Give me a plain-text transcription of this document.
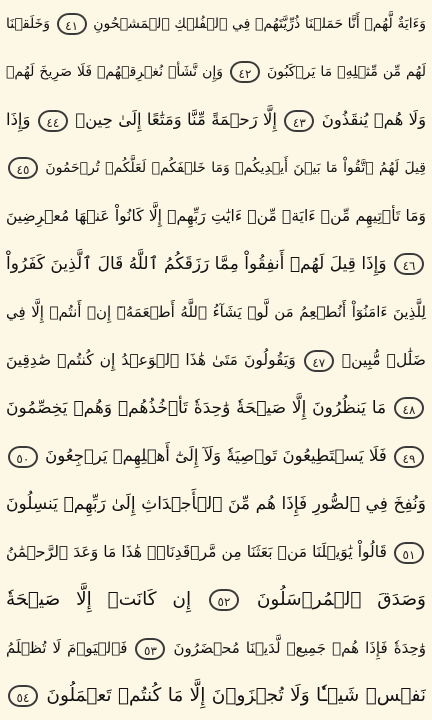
وَءَايَةٌ لَّهُمۡ أَنَّا حَمَلۡنَا ذُرِّيَّتَهُمۡ فِي ٱلۡفُلۡكِ ٱلۡمَشۡحُونِ ٤١ وَخَلَقۡنَا
لَهُم مِّن مِّثۡلِهِۦ مَا يَرۡكَبُونَ ٤٢ وَإِن نَّشَأۡ نُغۡرِقۡهُمۡ فَلَا صَرِيخَ لَهُمۡ
وَلَا هُمۡ يُنقَذُونَ ٤٣ إِلَّا رَحۡمَةً مِّنَّا وَمَتَٰعًا إِلَىٰ حِينٖ ٤٤ وَإِذَا
قِيلَ لَهُمُ ٱتَّقُواْ مَا بَيۡنَ أَيۡدِيكُمۡ وَمَا خَلۡفَكُمۡ لَعَلَّكُمۡ تُرۡحَمُونَ ٤٥
وَمَا تَأۡتِيهِم مِّنۡ ءَايَةٖ مِّنۡ ءَايَٰتِ رَبِّهِمۡ إِلَّا كَانُواْ عَنۡهَا مُعۡرِضِينَ
٤٦ وَإِذَا قِيلَ لَهُمۡ أَنفِقُواْ مِمَّا رَزَقَكُمُ ٱللَّهُ قَالَ ٱلَّذِينَ كَفَرُواْ
لِلَّذِينَ ءَامَنُوٓاْ أَنُطۡعِمُ مَن لَّوۡ يَشَآءُ ٱللَّهُ أَطۡعَمَهُۥٓ إِنۡ أَنتُمۡ إِلَّا فِي
ضَلَٰلٖ مُّبِينٖ ٤٧ وَيَقُولُونَ مَتَىٰ هَٰذَا ٱلۡوَعۡدُ إِن كُنتُمۡ صَٰدِقِينَ
٤٨ مَا يَنظُرُونَ إِلَّا صَيۡحَةٗ وَٰحِدَةٗ تَأۡخُذُهُمۡ وَهُمۡ يَخِصِّمُونَ
٤٩ فَلَا يَسۡتَطِيعُونَ تَوۡصِيَةٗ وَلَآ إِلَىٰٓ أَهۡلِهِمۡ يَرۡجِعُونَ ٥٠
وَنُفِخَ فِي ٱلصُّورِ فَإِذَا هُم مِّنَ ٱلۡأَجۡدَاثِ إِلَىٰ رَبِّهِمۡ يَنسِلُونَ
٥١ قَالُواْ يَٰوَيۡلَنَا مَنۢ بَعَثَنَا مِن مَّرۡقَدِنَاۜۗ هَٰذَا مَا وَعَدَ ٱلرَّحۡمَٰنُ
وَصَدَقَ ٱلۡمُرۡسَلُونَ ٥٢ إِن كَانَتۡ إِلَّا صَيۡحَةٗ
وَٰحِدَةٗ فَإِذَا هُمۡ جَمِيعٞ لَّدَيۡنَا مُحۡضَرُونَ ٥٣ فَٱلۡيَوۡمَ لَا تُظۡلَمُ
نَفۡسٞ شَيۡـٔٗا وَلَا تُجۡزَوۡنَ إِلَّا مَا كُنتُمۡ تَعۡمَلُونَ ٥٤
